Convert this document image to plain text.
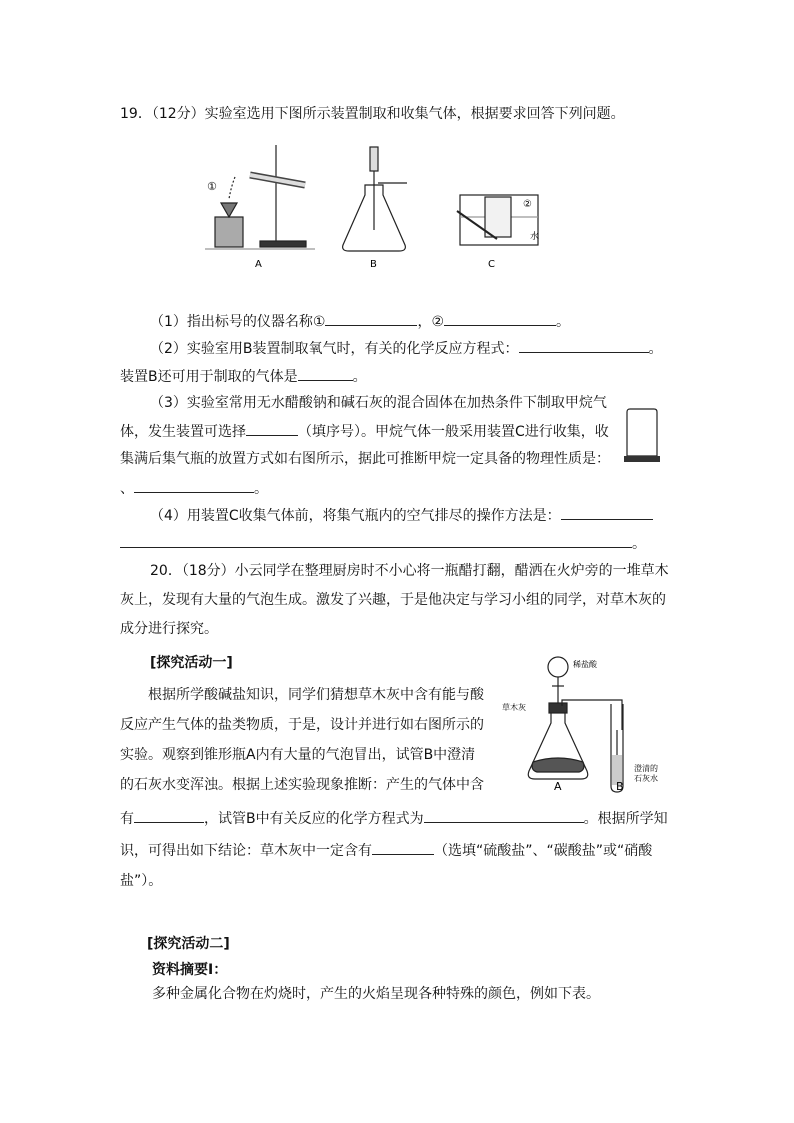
19．（12分）实验室选用下图所示装置制取和收集气体，根据要求回答下列问题。
A
①
B
②
水
C
（1）指出标号的仪器名称①	，②	。
（2）实验室用B装置制取氧气时，有关的化学反应方程式：	。
装置B还可用于制取的气体是	。
（3）实验室常用无水醋酸钠和碱石灰的混合固体在加热条件下制取甲烷气
体，发生装置可选择	（填序号）。甲烷气体一般采用装置C进行收集，收
集满后集气瓶的放置方式如右图所示，据此可推断甲烷一定具备的物理性质是：
、	。
（4）用装置C收集气体前，将集气瓶内的空气排尽的操作方法是：
。
20．（18分）小云同学在整理厨房时不小心将一瓶醋打翻，醋洒在火炉旁的一堆草木
灰上，发现有大量的气泡生成。激发了兴趣，于是他决定与学习小组的同学，对草木灰的
成分进行探究。
[探究活动一]
根据所学酸碱盐知识，同学们猜想草木灰中含有能与酸
反应产生气体的盐类物质，于是，设计并进行如右图所示的
实验。观察到锥形瓶A内有大量的气泡冒出，试管B中澄清
的石灰水变浑浊。根据上述实验现象推断：产生的气体中含
有	，试管B中有关反应的化学方程式为	。根据所学知
识，可得出如下结论：草木灰中一定含有	（选填“硫酸盐”、“碳酸盐”或“硝酸
盐”）。
稀盐酸
草木灰
澄清的
石灰水
A	B
[探究活动二]
资料摘要Ⅰ：
多种金属化合物在灼烧时，产生的火焰呈现各种特殊的颜色，例如下表。
